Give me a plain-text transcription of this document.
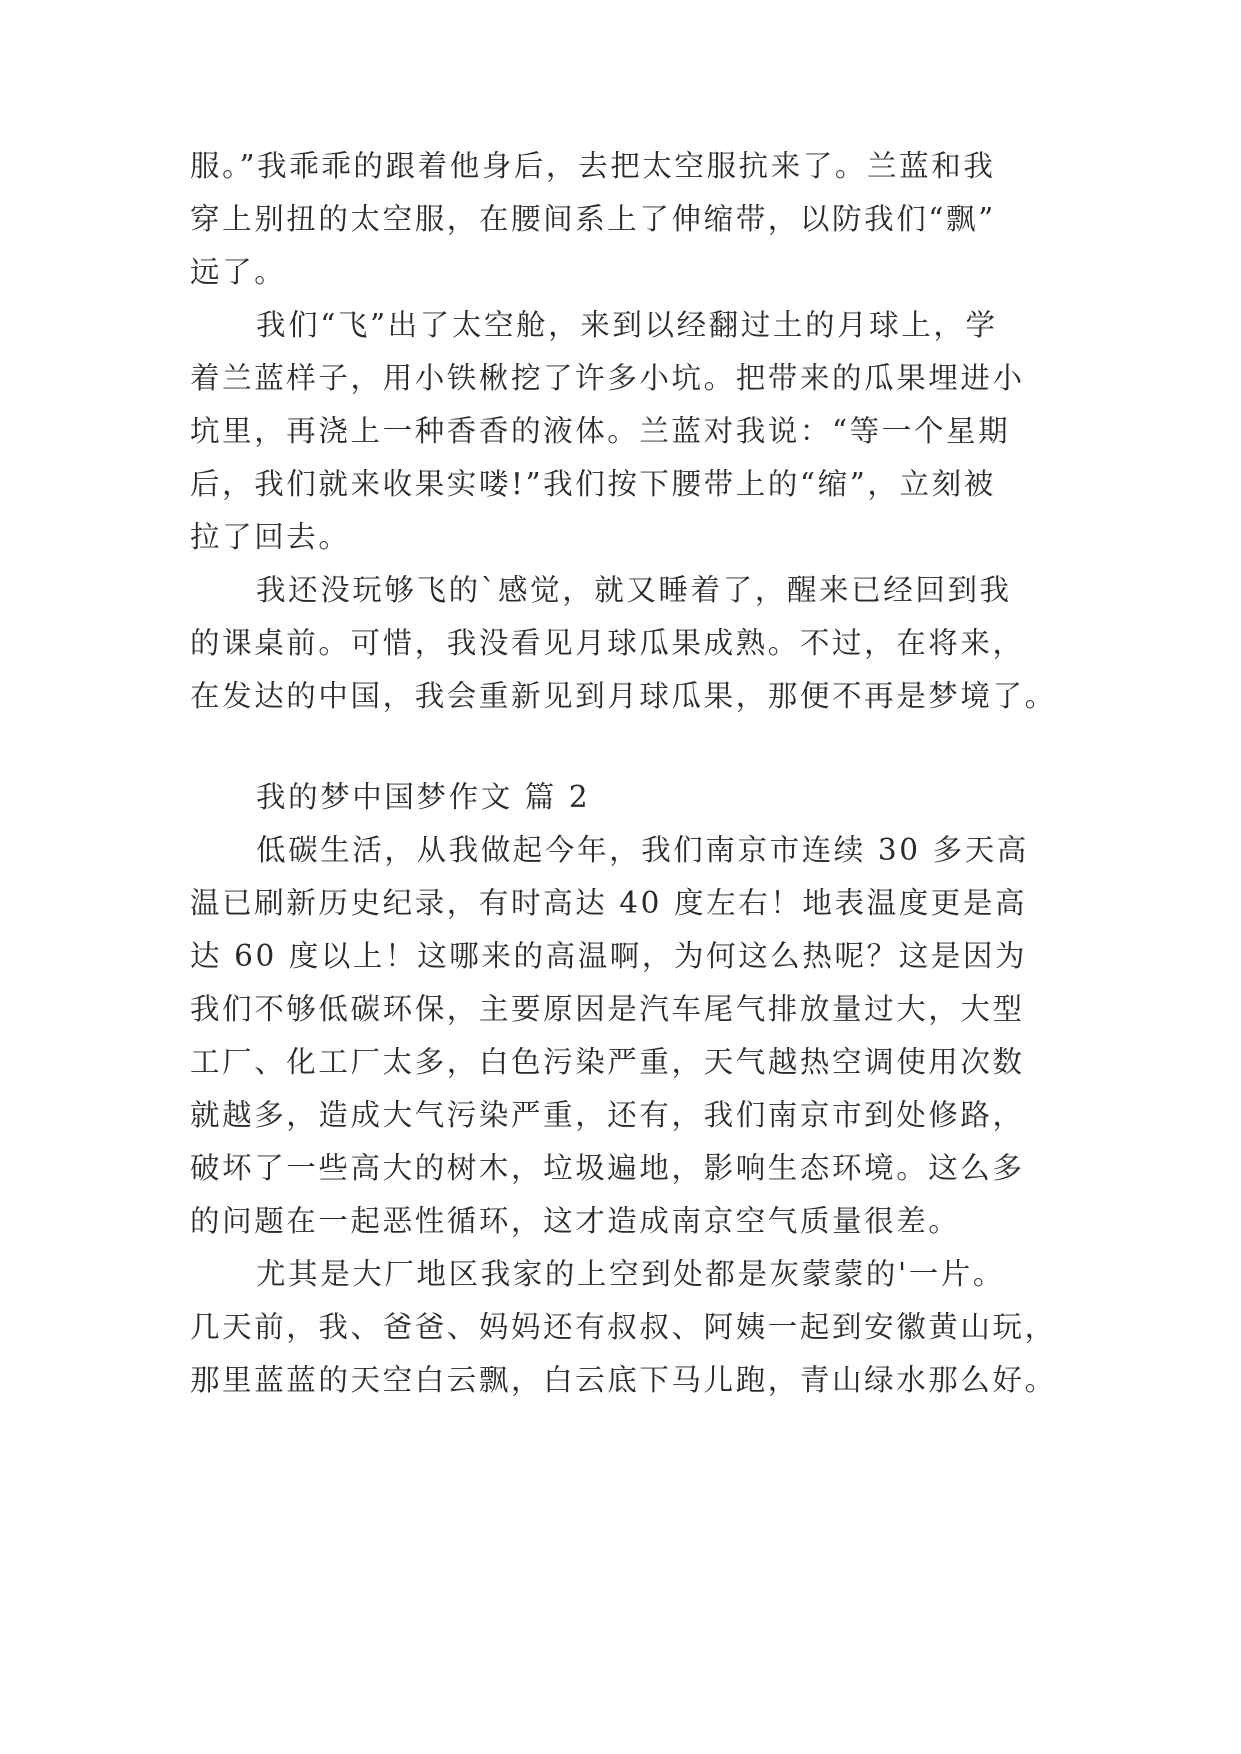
服。”我乖乖的跟着他身后，去把太空服抗来了。兰蓝和我
穿上别扭的太空服，在腰间系上了伸缩带，以防我们“飘”
远了。
我们“飞”出了太空舱，来到以经翻过土的月球上，学
着兰蓝样子，用小铁楸挖了许多小坑。把带来的瓜果埋进小
坑里，再浇上一种香香的液体。兰蓝对我说：“等一个星期
后，我们就来收果实喽!”我们按下腰带上的“缩”，立刻被
拉了回去。
我还没玩够飞的`感觉，就又睡着了，醒来已经回到我
的课桌前。可惜，我没看见月球瓜果成熟。不过，在将来，
在发达的中国，我会重新见到月球瓜果，那便不再是梦境了。
我的梦中国梦作文 篇 2
低碳生活，从我做起今年，我们南京市连续 30 多天高
温已刷新历史纪录，有时高达 40 度左右！地表温度更是高
达 60 度以上！这哪来的高温啊，为何这么热呢？这是因为
我们不够低碳环保，主要原因是汽车尾气排放量过大，大型
工厂、化工厂太多，白色污染严重，天气越热空调使用次数
就越多，造成大气污染严重，还有，我们南京市到处修路，
破坏了一些高大的树木，垃圾遍地，影响生态环境。这么多
的问题在一起恶性循环，这才造成南京空气质量很差。
尤其是大厂地区我家的上空到处都是灰蒙蒙的'一片。
几天前，我、爸爸、妈妈还有叔叔、阿姨一起到安徽黄山玩，
那里蓝蓝的天空白云飘，白云底下马儿跑，青山绿水那么好。
